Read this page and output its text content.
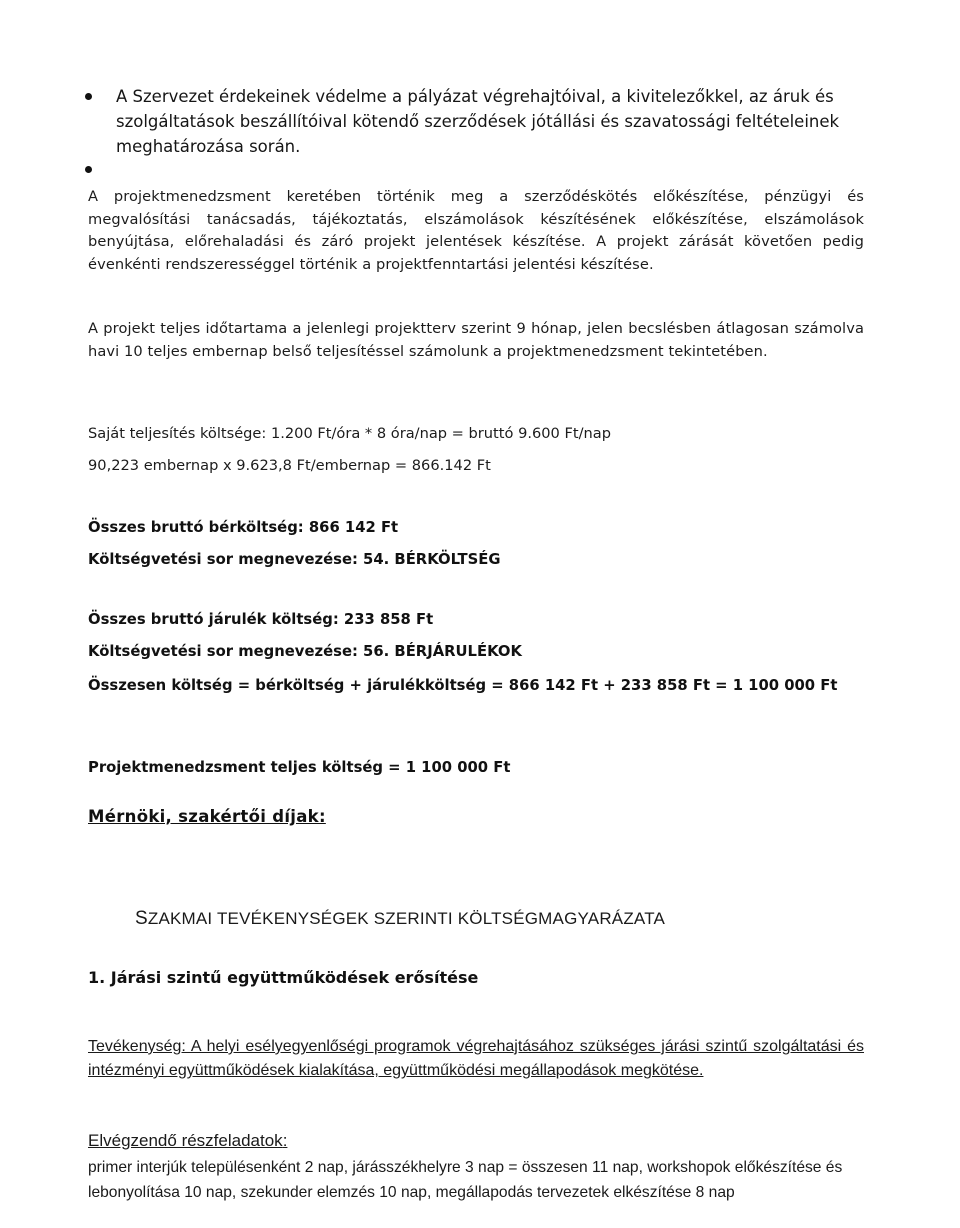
A Szervezet érdekeinek védelme a pályázat végrehajtóival, a kivitelezőkkel, az áruk és szolgáltatások beszállítóival kötendő szerződések jótállási és szavatossági feltételeinek meghatározása során.
A projektmenedzsment keretében történik meg a szerződéskötés előkészítése, pénzügyi és megvalósítási tanácsadás, tájékoztatás, elszámolások készítésének előkészítése, elszámolások benyújtása, előrehaladási és záró projekt jelentések készítése. A projekt zárását követően pedig évenkénti rendszerességgel történik a projektfenntartási jelentési készítése.
A projekt teljes időtartama a jelenlegi projektterv szerint 9 hónap, jelen becslésben átlagosan számolva havi 10 teljes embernap belső teljesítéssel számolunk a projektmenedzsment tekintetében.
Saját teljesítés költsége: 1.200 Ft/óra * 8 óra/nap = bruttó 9.600 Ft/nap
90,223 embernap x 9.623,8 Ft/embernap = 866.142 Ft
Összes bruttó bérköltség: 866 142 Ft
Költségvetési sor megnevezése: 54. BÉRKÖLTSÉG
Összes bruttó járulék költség: 233 858 Ft
Költségvetési sor megnevezése: 56. BÉRJÁRULÉKOK
Összesen költség = bérköltség + járulékköltség = 866 142 Ft + 233 858 Ft = 1 100 000 Ft
Projektmenedzsment teljes költség = 1 100 000 Ft
Mérnöki, szakértői díjak:
SZAKMAI TEVÉKENYSÉGEK SZERINTI KÖLTSÉGMAGYARÁZATA
1. Járási szintű együttműködések erősítése
Tevékenység: A helyi esélyegyenlőségi programok végrehajtásához szükséges járási szintű szolgáltatási és intézményi együttműködések kialakítása, együttműködési megállapodások megkötése.
Elvégzendő részfeladatok:
primer interjúk településenként 2 nap, járásszékhelyre 3 nap = összesen 11 nap, workshopok előkészítése és lebonyolítása 10 nap, szekunder elemzés 10 nap, megállapodás tervezetek elkészítése 8 nap
